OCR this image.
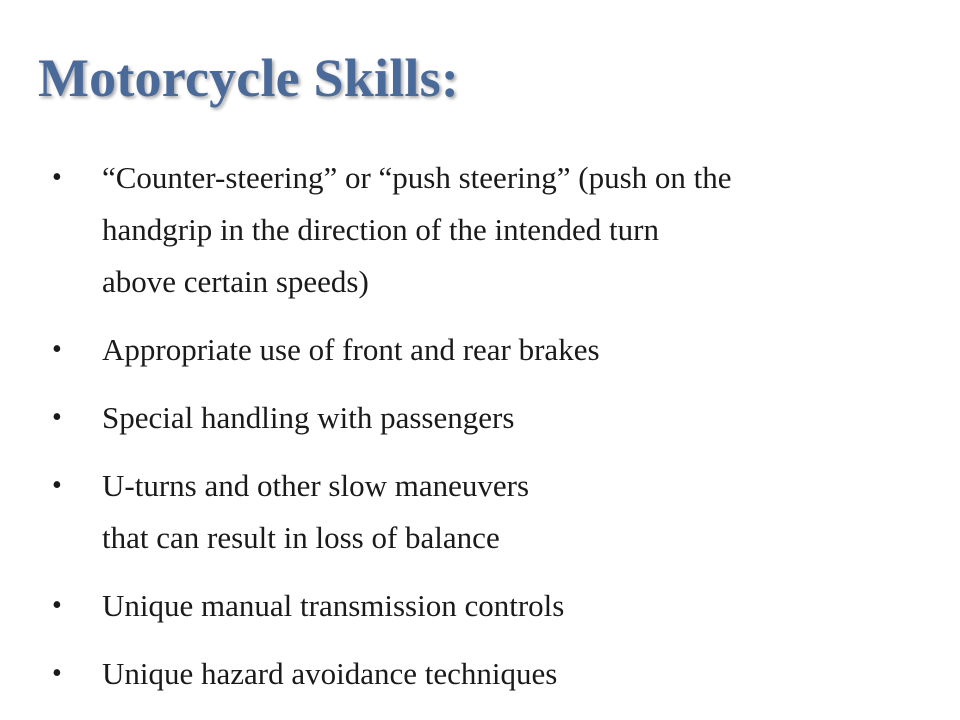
Motorcycle Skills:
•	“Counter-steering” or “push steering” (push on the
handgrip in the direction of the intended turn
above certain speeds)
•	Appropriate use of front and rear brakes
•	Special handling with passengers
•	U-turns and other slow maneuvers
that can result in loss of balance
•	Unique manual transmission controls
•	Unique hazard avoidance techniques
